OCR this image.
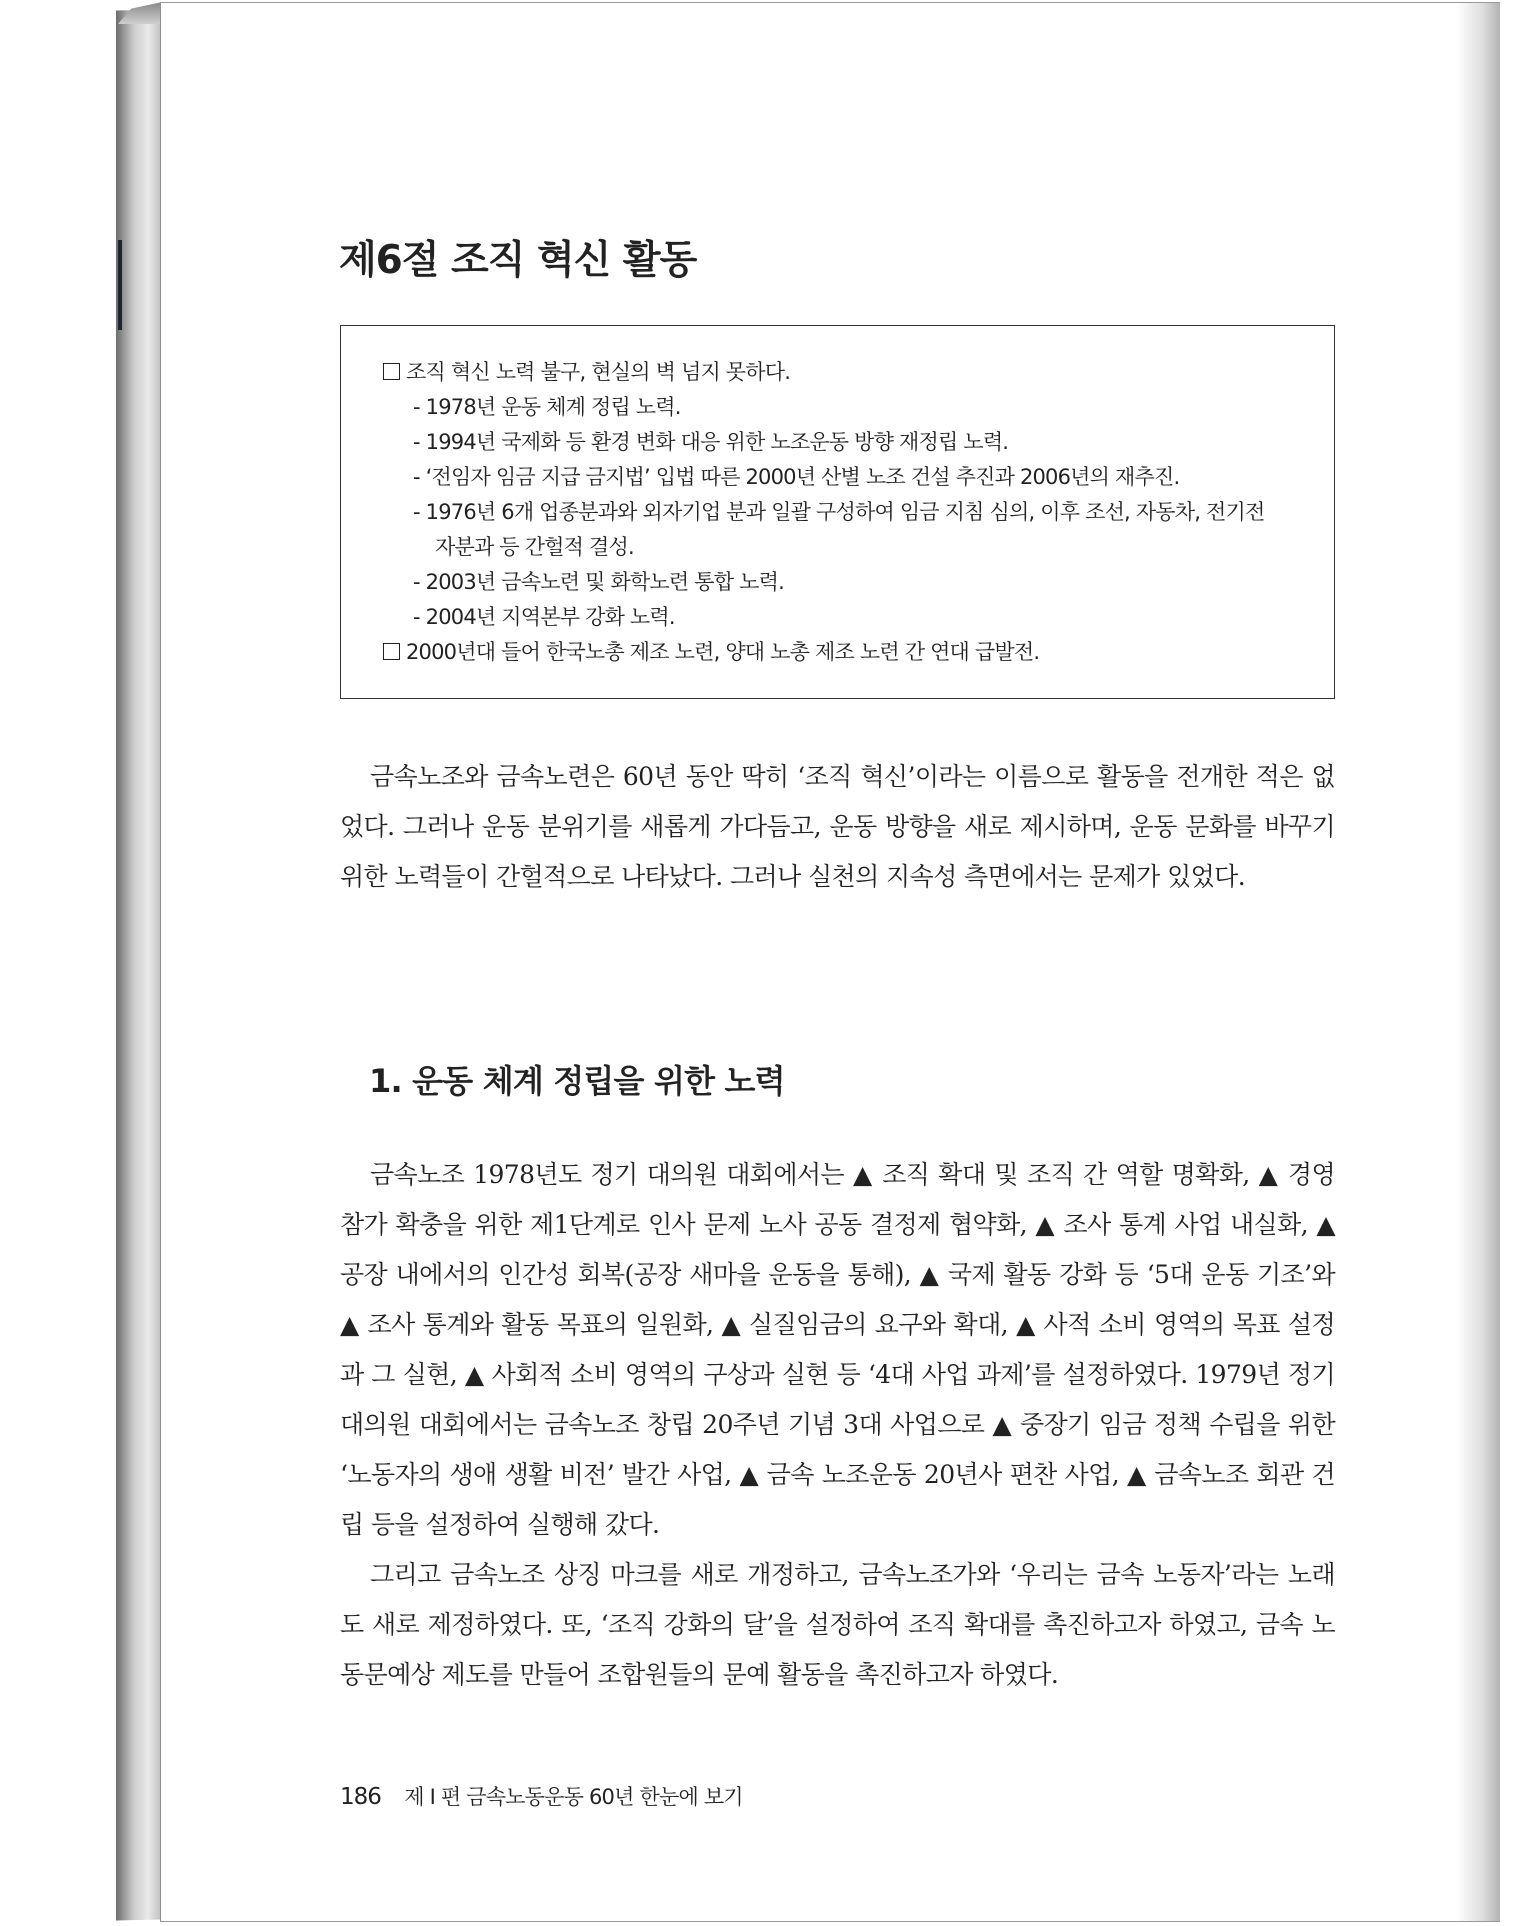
제6절 조직 혁신 활동
조직 혁신 노력 불구, 현실의 벽 넘지 못하다.
- 1978년 운동 체계 정립 노력.
- 1994년 국제화 등 환경 변화 대응 위한 노조운동 방향 재정립 노력.
- ‘전임자 임금 지급 금지법’ 입법 따른 2000년 산별 노조 건설 추진과 2006년의 재추진.
- 1976년 6개 업종분과와 외자기업 분과 일괄 구성하여 임금 지침 심의, 이후 조선, 자동차, 전기전
자분과 등 간헐적 결성.
- 2003년 금속노련 및 화학노련 통합 노력.
- 2004년 지역본부 강화 노력.
2000년대 들어 한국노총 제조 노련, 양대 노총 제조 노련 간 연대 급발전.

금속노조와 금속노련은 60년 동안 딱히 ‘조직 혁신’이라는 이름으로 활동을 전개한 적은 없었다. 그러나 운동 분위기를 새롭게 가다듬고, 운동 방향을 새로 제시하며, 운동 문화를 바꾸기 위한 노력들이 간헐적으로 나타났다. 그러나 실천의 지속성 측면에서는 문제가 있었다.

1. 운동 체계 정립을 위한 노력

금속노조 1978년도 정기 대의원 대회에서는 ▲ 조직 확대 및 조직 간 역할 명확화, ▲ 경영 참가 확충을 위한 제1단계로 인사 문제 노사 공동 결정제 협약화, ▲ 조사 통계 사업 내실화, ▲ 공장 내에서의 인간성 회복(공장 새마을 운동을 통해), ▲ 국제 활동 강화 등 ‘5대 운동 기조’와 ▲ 조사 통계와 활동 목표의 일원화, ▲ 실질임금의 요구와 확대, ▲ 사적 소비 영역의 목표 설정과 그 실현, ▲ 사회적 소비 영역의 구상과 실현 등 ‘4대 사업 과제’를 설정하였다. 1979년 정기 대의원 대회에서는 금속노조 창립 20주년 기념 3대 사업으로 ▲ 중장기 임금 정책 수립을 위한 ‘노동자의 생애 생활 비전’ 발간 사업, ▲ 금속 노조운동 20년사 편찬 사업, ▲ 금속노조 회관 건립 등을 설정하여 실행해 갔다.

그리고 금속노조 상징 마크를 새로 개정하고, 금속노조가와 ‘우리는 금속 노동자’라는 노래도 새로 제정하였다. 또, ‘조직 강화의 달’을 설정하여 조직 확대를 촉진하고자 하였고, 금속 노동문예상 제도를 만들어 조합원들의 문예 활동을 촉진하고자 하였다.

186 제 I 편 금속노동운동 60년 한눈에 보기
